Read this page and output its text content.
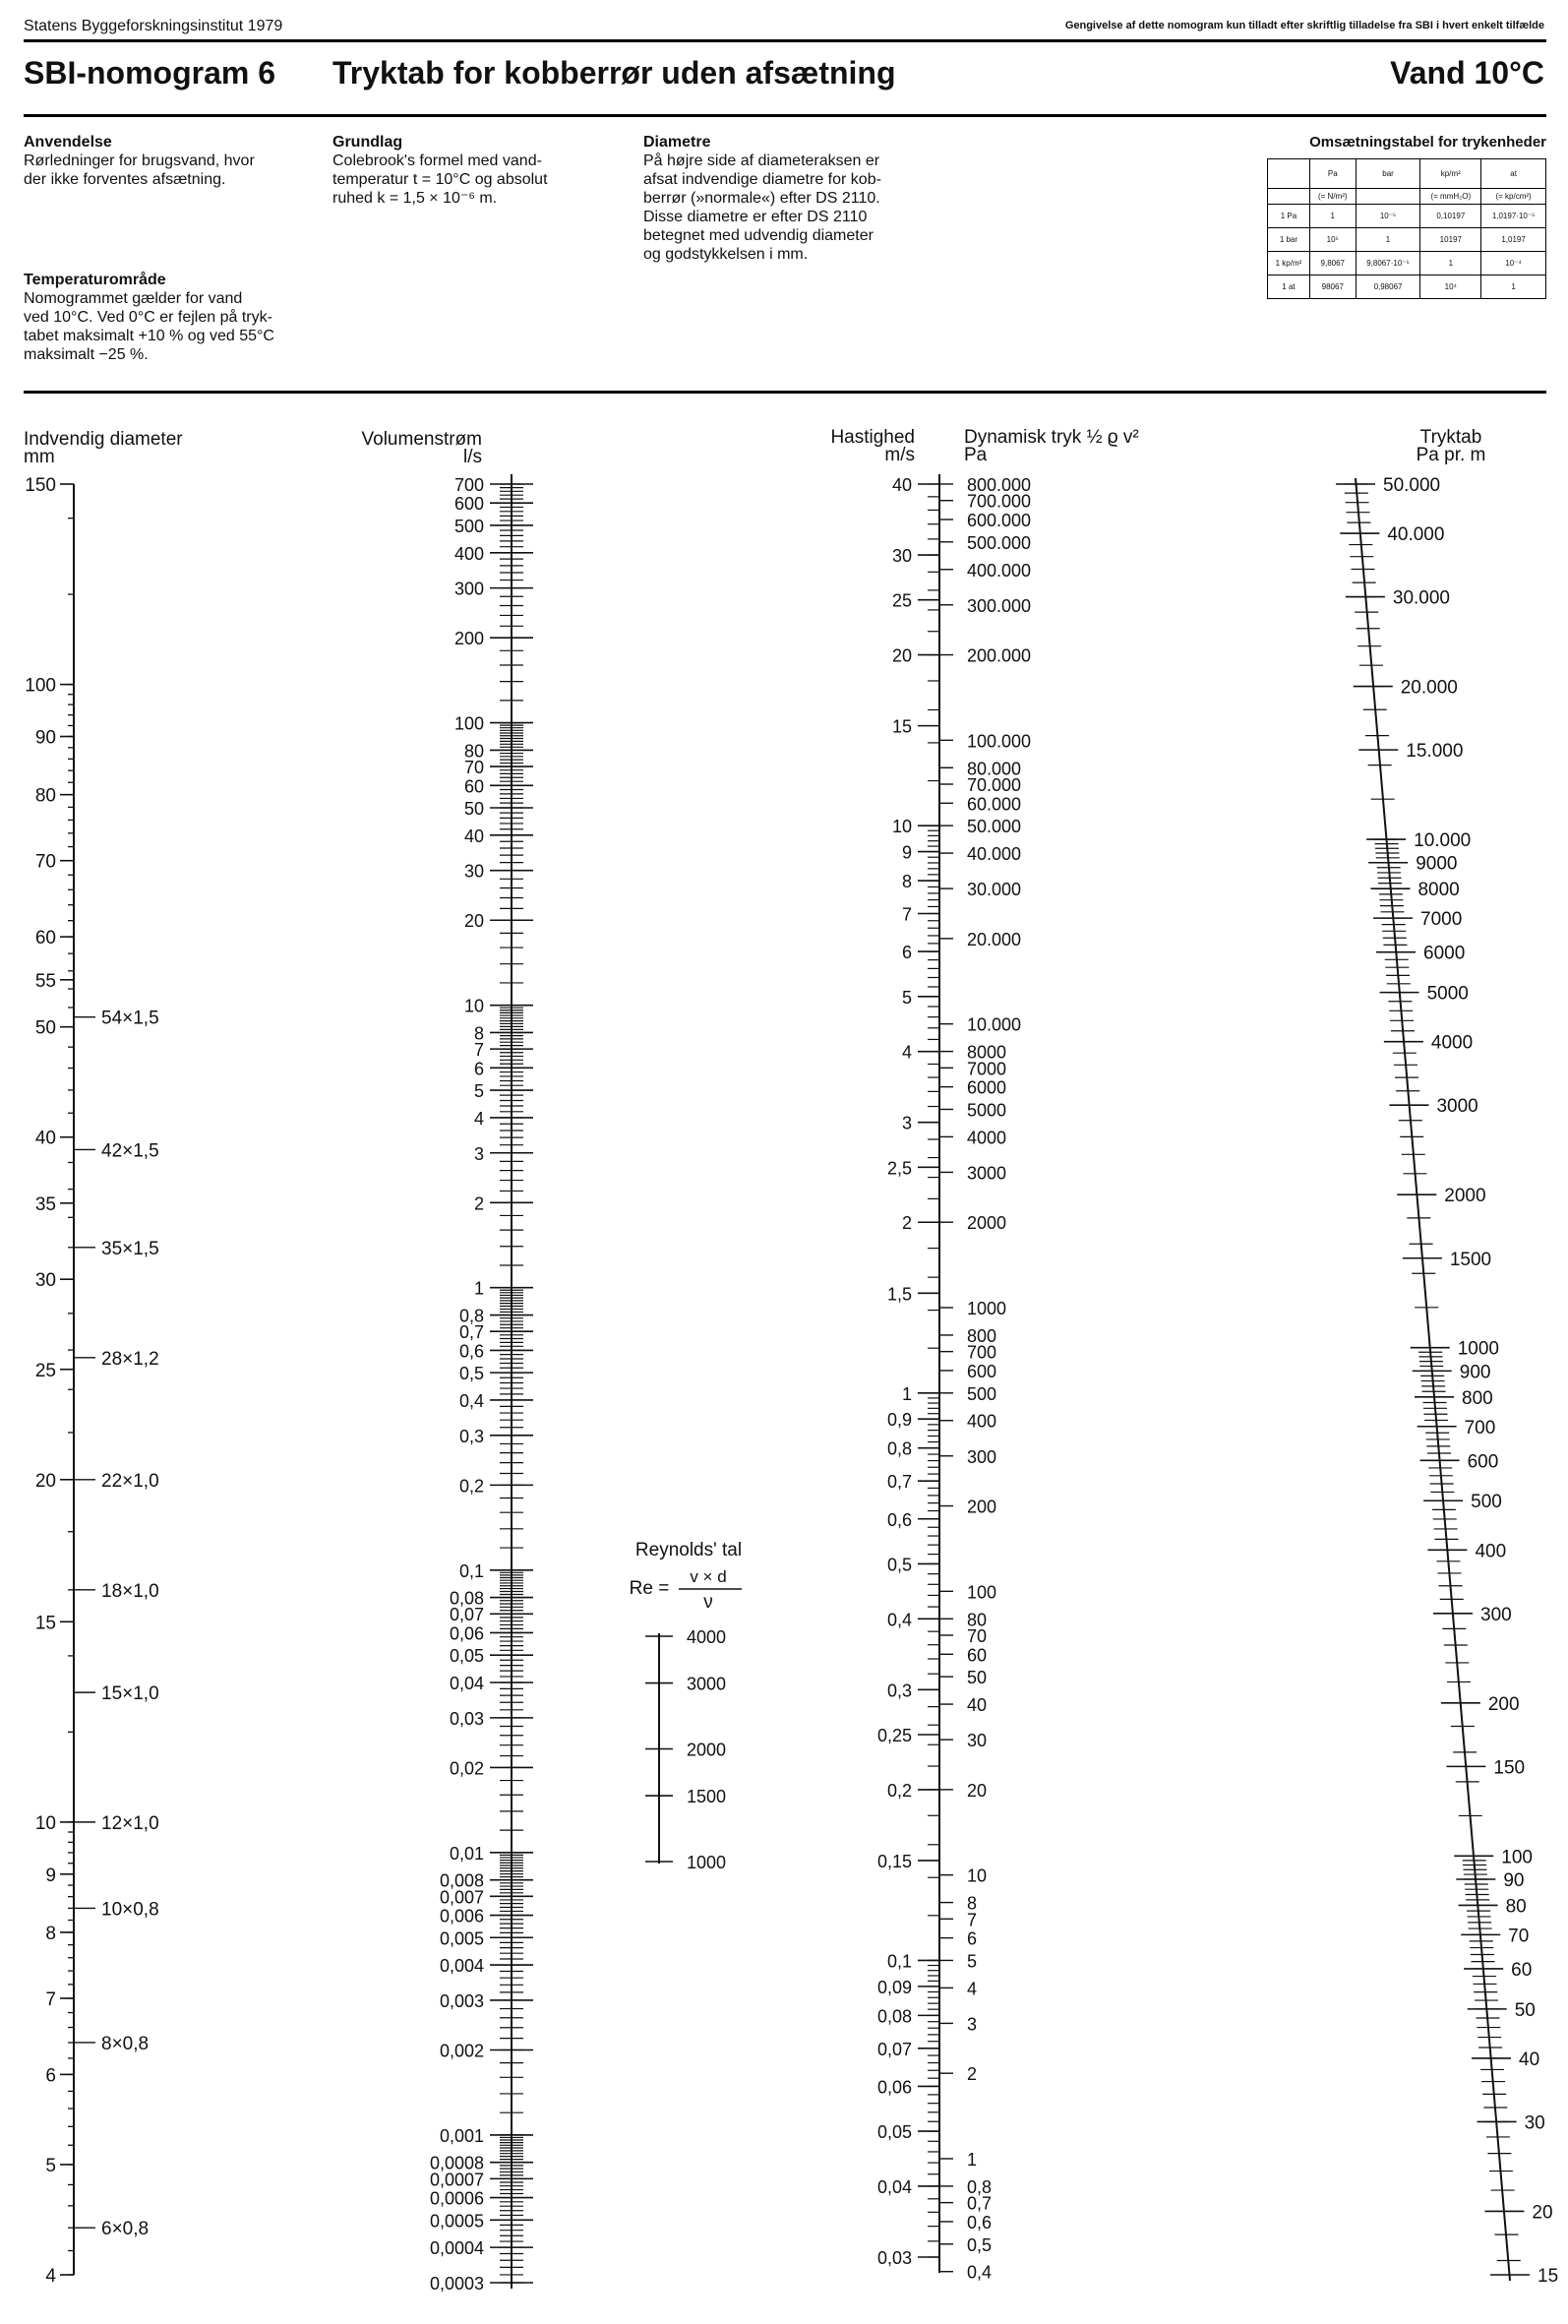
Statens Byggeforskningsinstitut 1979	Gengivelse af dette nomogram kun tilladt efter skriftlig tilladelse fra SBI i hvert enkelt tilfælde
SBI-nomogram 6 Tryktab for kobberrør uden afsætning	Vand 10°C
Anvendelse
Rørledninger for brugsvand, hvor
der ikke forventes afsætning.
Temperaturområde
Nomogrammet gælder for vand
ved 10°C. Ved 0°C er fejlen på tryk-
tabet maksimalt +10 % og ved 55°C
maksimalt −25 %.
Grundlag
Colebrook's formel med vand-
temperatur t = 10°C og absolut
ruhed k = 1,5 × 10⁻⁶ m.
Diametre
På højre side af diameteraksen er
afsat indvendige diametre for kob-
berrør (»normale«) efter DS 2110.
Disse diametre er efter DS 2110
betegnet med udvendig diameter
og godstykkelsen i mm.
Omsætningstabel for trykenheder
	Pa	bar	kp/m²	at
	(= N/m²)		(= mmH₂O)	(= kp/cm²)
1 Pa	1	10⁻⁵	0,10197	1,0197·10⁻⁵
1 bar	10⁵	1	10197	1,0197
1 kp/m²	9,8067	9,8067·10⁻⁵	1	10⁻⁴
1 at	98067	0,98067	10⁴	1
Indvendig diameter
mm
Volumenstrøm
l/s
Hastighed
m/s
Dynamisk tryk ½ ϱ v²
Pa
Tryktab
Pa pr. m
150
100
90
80
70
60
55
50
40
35
30
25
20
15
10
9
8
7
6
5
4
54×1,5
42×1,5
35×1,5
28×1,2
22×1,0
18×1,0
15×1,0
12×1,0
10×0,8
8×0,8
6×0,8
700
600
500
400
300
200
100
80
70
60
50
40
30
20
10
8
7
6
5
4
3
2
1
0,8
0,7
0,6
0,5
0,4
0,3
0,2
0,1
0,08
0,07
0,06
0,05
0,04
0,03
0,02
0,01
0,008
0,007
0,006
0,005
0,004
0,003
0,002
0,001
0,0008
0,0007
0,0006
0,0005
0,0004
0,0003
Reynolds' tal
Re =
v × d
ν
4000
3000
2000
1500
1000
40
30
25
20
15
10
9
8
7
6
5
4
3
2,5
2
1,5
1
0,9
0,8
0,7
0,6
0,5
0,4
0,3
0,25
0,2
0,15
0,1
0,09
0,08
0,07
0,06
0,05
0,04
0,03
800.000
700.000
600.000
500.000
400.000
300.000
200.000
100.000
80.000
70.000
60.000
50.000
40.000
30.000
20.000
10.000
8000
7000
6000
5000
4000
3000
2000
1000
800
700
600
500
400
300
200
100
80
70
60
50
40
30
20
10
8
7
6
5
4
3
2
1
0,8
0,7
0,6
0,5
0,4
50.000
40.000
30.000
20.000
15.000
10.000
9000
8000
7000
6000
5000
4000
3000
2000
1500
1000
900
800
700
600
500
400
300
200
150
100
90
80
70
60
50
40
30
20
15
